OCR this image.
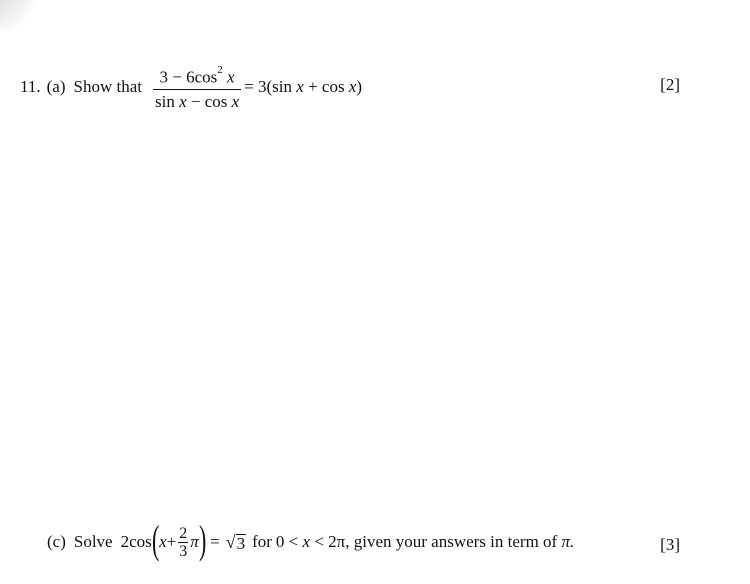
11. (a) Show that $\frac{3 - 6\cos^2 x}{\text{sin x − cos x}} = 3(\sin$ x + cos x)	[2]
(c) Solve 2cos ( $x + \frac{2}{3}$ π ) = √ 3 for 0 < x < 2π , given your answers in term of
π.	[3]
